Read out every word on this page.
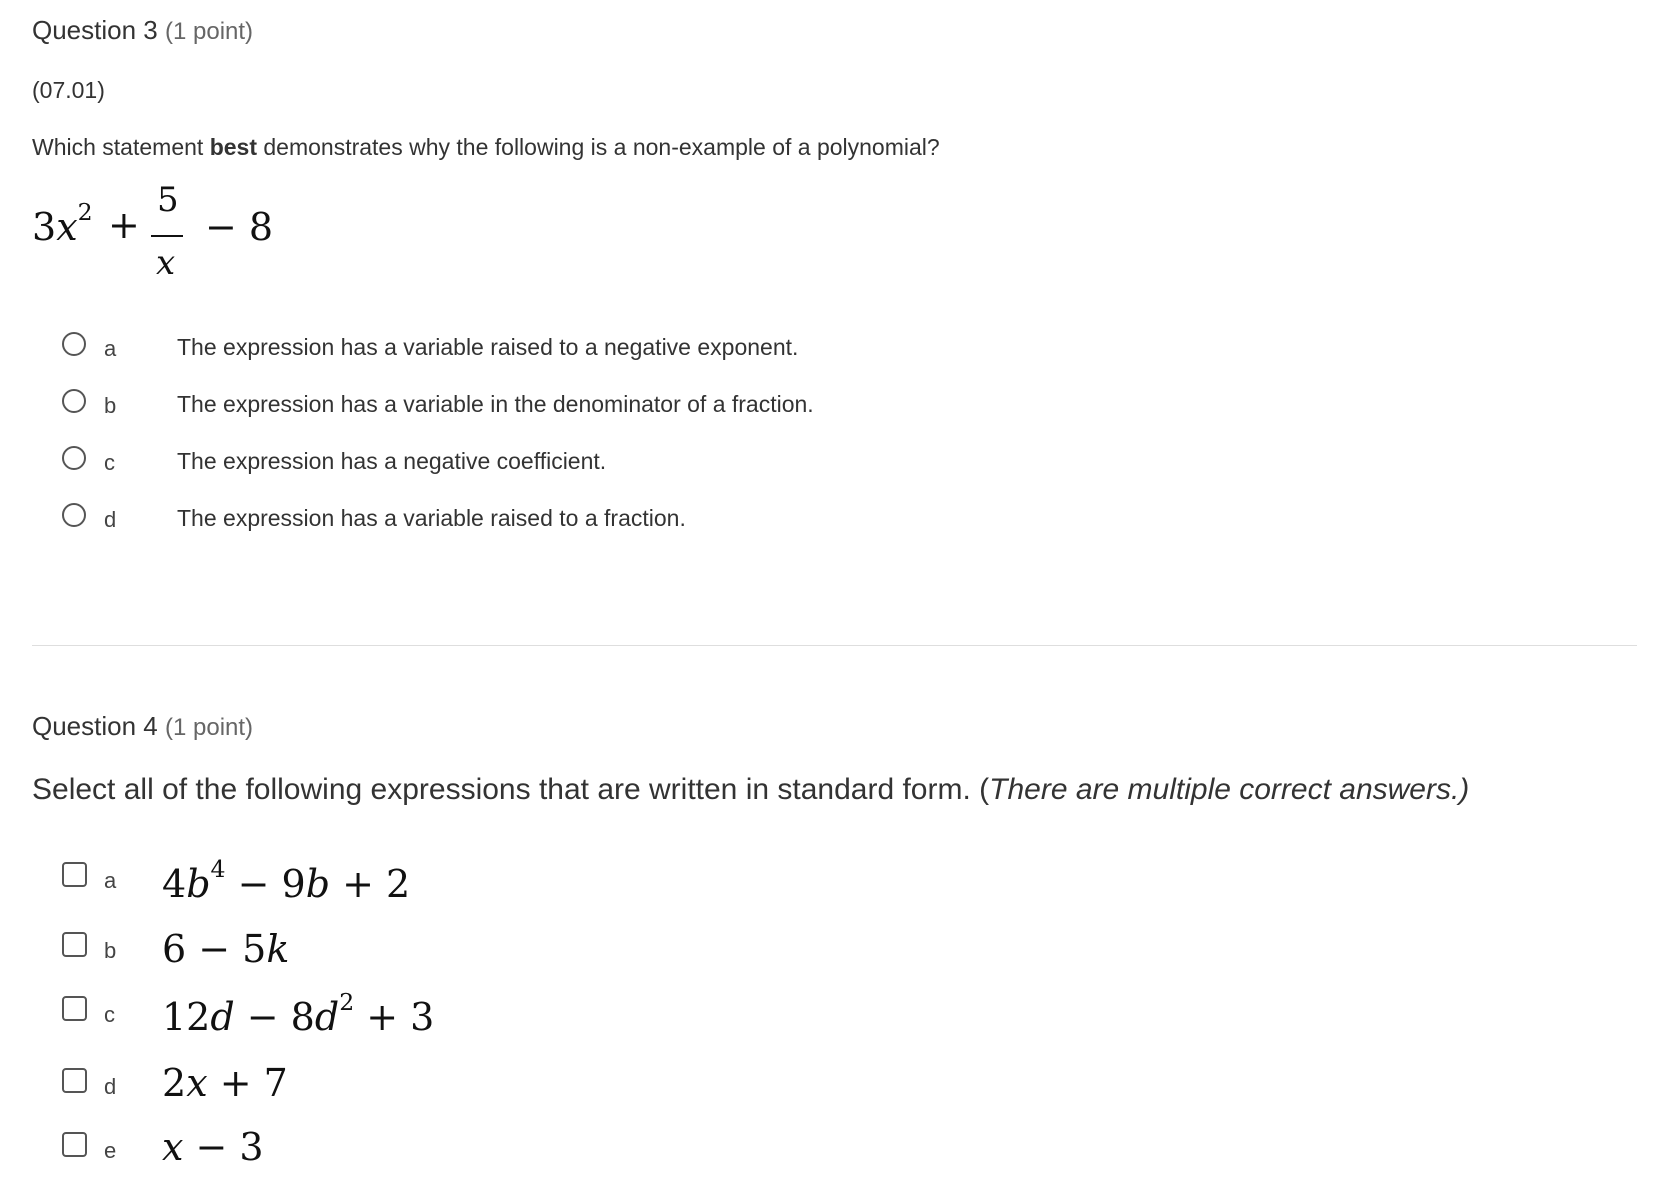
Question 3 (1 point)
(07.01)
Which statement best demonstrates why the following is a non-example of a polynomial?
$3x^2$ +
5
x
− 8
a	The expression has a variable raised to a negative exponent.
b	The expression has a variable in the denominator of a fraction.
c	The expression has a negative coefficient.
d	The expression has a variable raised to a fraction.
Question 4 (1 point)
Select all of the following expressions that are written in standard form. (There are multiple correct answers.)
a $4b^4 - 9b + 2$
b 6 − 5k
c $12d - 8d^2 + 3$
d 2x + 7
e x − 3
